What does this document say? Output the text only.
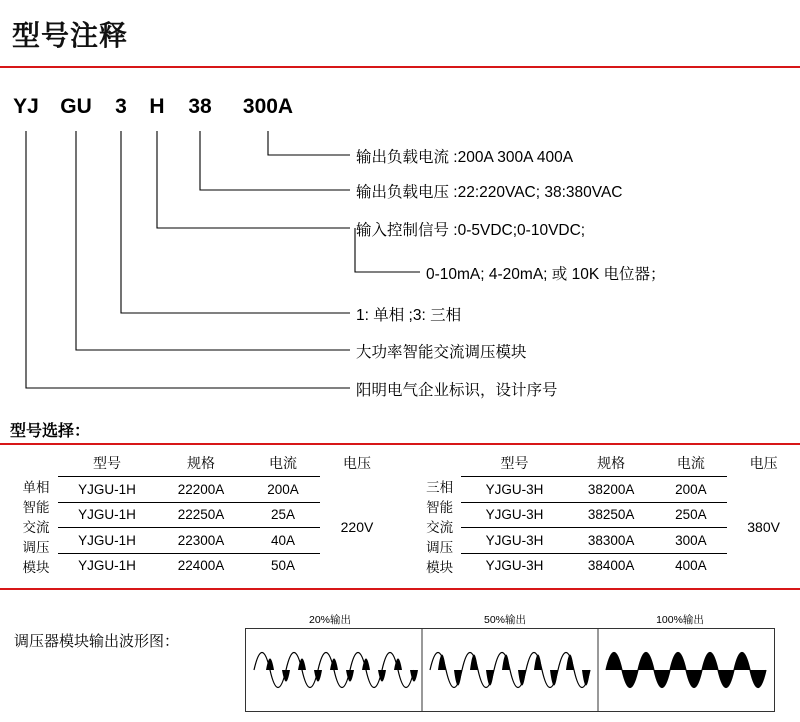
型号注释
YJ	GU	3	H	38	300A
输出负载电流 :200A 300A 400A
输出负载电压 :22:220VAC; 38:380VAC
输入控制信号 :0-5VDC;0-10VDC;
0-10mA; 4-20mA; 或 10K 电位器；
1: 单相 ;3: 三相
大功率智能交流调压模块
阳明电气企业标识，设计序号
型号选择：
单相
智能
交流
调压
模块
型号	规格	电流	电压
YJGU-1H	22200A	200A	220V
YJGU-1H	22250A	25A	
YJGU-1H	22300A	40A	
YJGU-1H	22400A	50A	
三相
智能
交流
调压
模块
型号	规格	电流	电压
YJGU-3H	38200A	200A	380V
YJGU-3H	38250A	250A	
YJGU-3H	38300A	300A	
YJGU-3H	38400A	400A	
调压器模块输出波形图：
20%输出	50%输出	100%输出
